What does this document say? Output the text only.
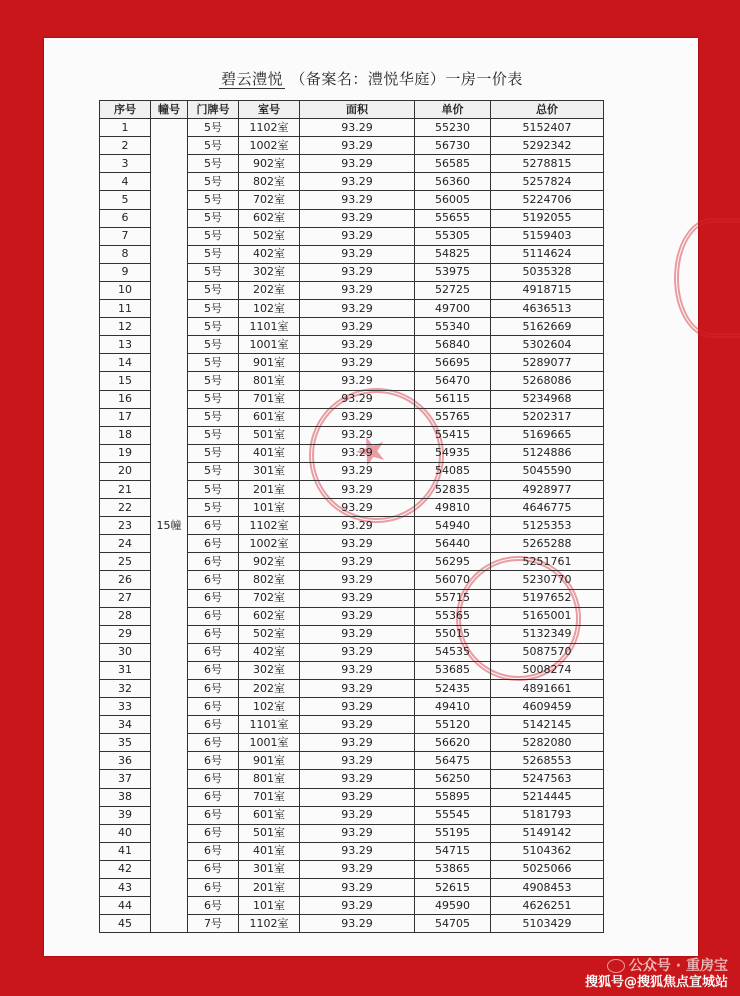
碧云澧悦 （备案名：澧悦华庭）一房一价表
★
序号	幢号	门牌号	室号	面积	单价	总价
1	15幢	5号	1102室	93.29	55230	5152407
2		5号	1002室	93.29	56730	5292342
3		5号	902室	93.29	56585	5278815
4		5号	802室	93.29	56360	5257824
5		5号	702室	93.29	56005	5224706
6		5号	602室	93.29	55655	5192055
7		5号	502室	93.29	55305	5159403
8		5号	402室	93.29	54825	5114624
9		5号	302室	93.29	53975	5035328
10		5号	202室	93.29	52725	4918715
11		5号	102室	93.29	49700	4636513
12		5号	1101室	93.29	55340	5162669
13		5号	1001室	93.29	56840	5302604
14		5号	901室	93.29	56695	5289077
15		5号	801室	93.29	56470	5268086
16		5号	701室	93.29	56115	5234968
17		5号	601室	93.29	55765	5202317
18		5号	501室	93.29	55415	5169665
19		5号	401室	93.29	54935	5124886
20		5号	301室	93.29	54085	5045590
21		5号	201室	93.29	52835	4928977
22		5号	101室	93.29	49810	4646775
23		6号	1102室	93.29	54940	5125353
24		6号	1002室	93.29	56440	5265288
25		6号	902室	93.29	56295	5251761
26		6号	802室	93.29	56070	5230770
27		6号	702室	93.29	55715	5197652
28		6号	602室	93.29	55365	5165001
29		6号	502室	93.29	55015	5132349
30		6号	402室	93.29	54535	5087570
31		6号	302室	93.29	53685	5008274
32		6号	202室	93.29	52435	4891661
33		6号	102室	93.29	49410	4609459
34		6号	1101室	93.29	55120	5142145
35		6号	1001室	93.29	56620	5282080
36		6号	901室	93.29	56475	5268553
37		6号	801室	93.29	56250	5247563
38		6号	701室	93.29	55895	5214445
39		6号	601室	93.29	55545	5181793
40		6号	501室	93.29	55195	5149142
41		6号	401室	93.29	54715	5104362
42		6号	301室	93.29	53865	5025066
43		6号	201室	93.29	52615	4908453
44		6号	101室	93.29	49590	4626251
45		7号	1102室	93.29	54705	5103429
公众号 · 重房宝
搜狐号@搜狐焦点宣城站
